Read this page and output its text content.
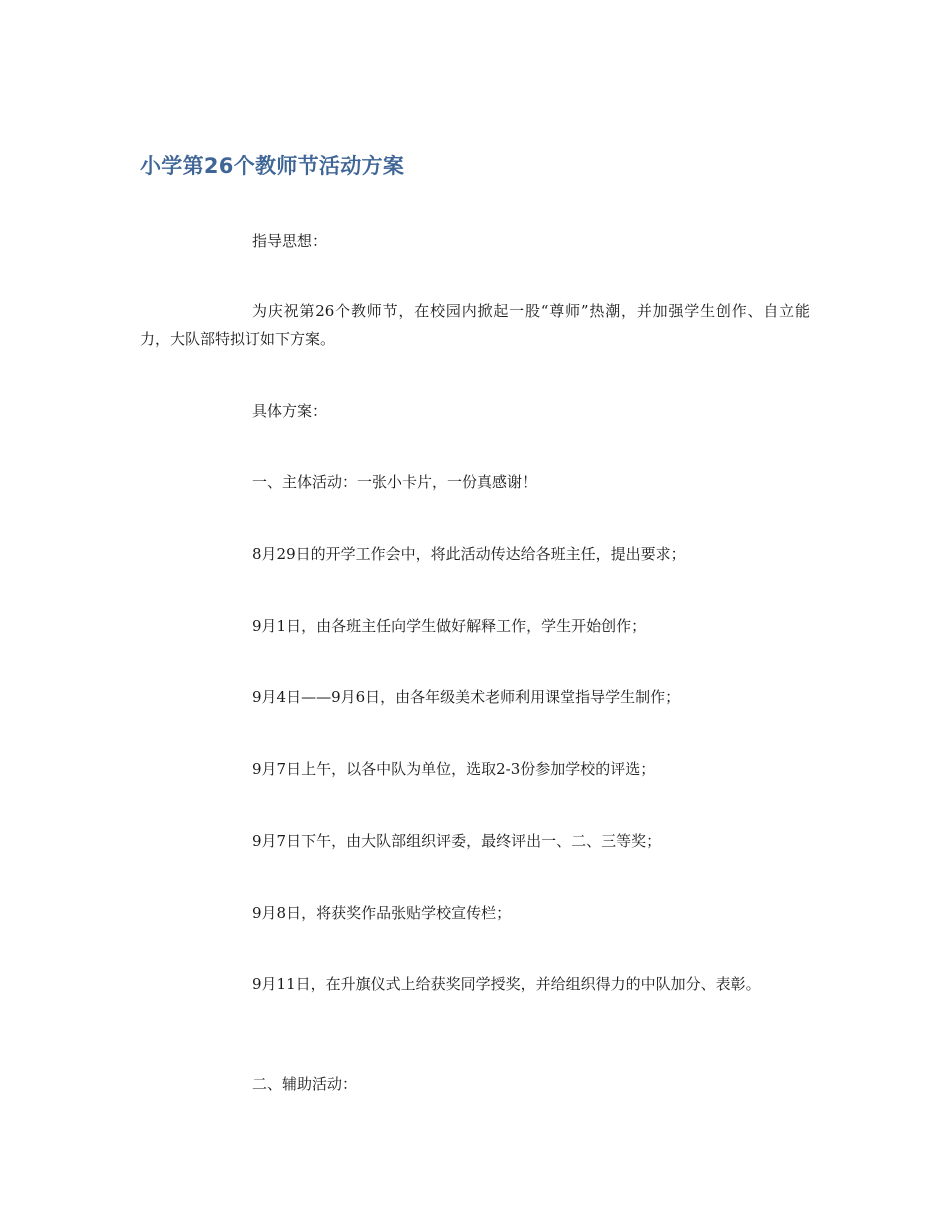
小学第26个教师节活动方案

指导思想：

为庆祝第26个教师节，在校园内掀起一股“尊师”热潮，并加强学生创作、自立能力，大队部特拟订如下方案。

具体方案：

一、主体活动：一张小卡片，一份真感谢！

8月29日的开学工作会中，将此活动传达给各班主任，提出要求；

9月1日，由各班主任向学生做好解释工作，学生开始创作；

9月4日——9月6日，由各年级美术老师利用课堂指导学生制作；

9月7日上午，以各中队为单位，选取2-3份参加学校的评选；

9月7日下午，由大队部组织评委，最终评出一、二、三等奖；

9月8日，将获奖作品张贴学校宣传栏；

9月11日，在升旗仪式上给获奖同学授奖，并给组织得力的中队加分、表彰。

二、辅助活动：
